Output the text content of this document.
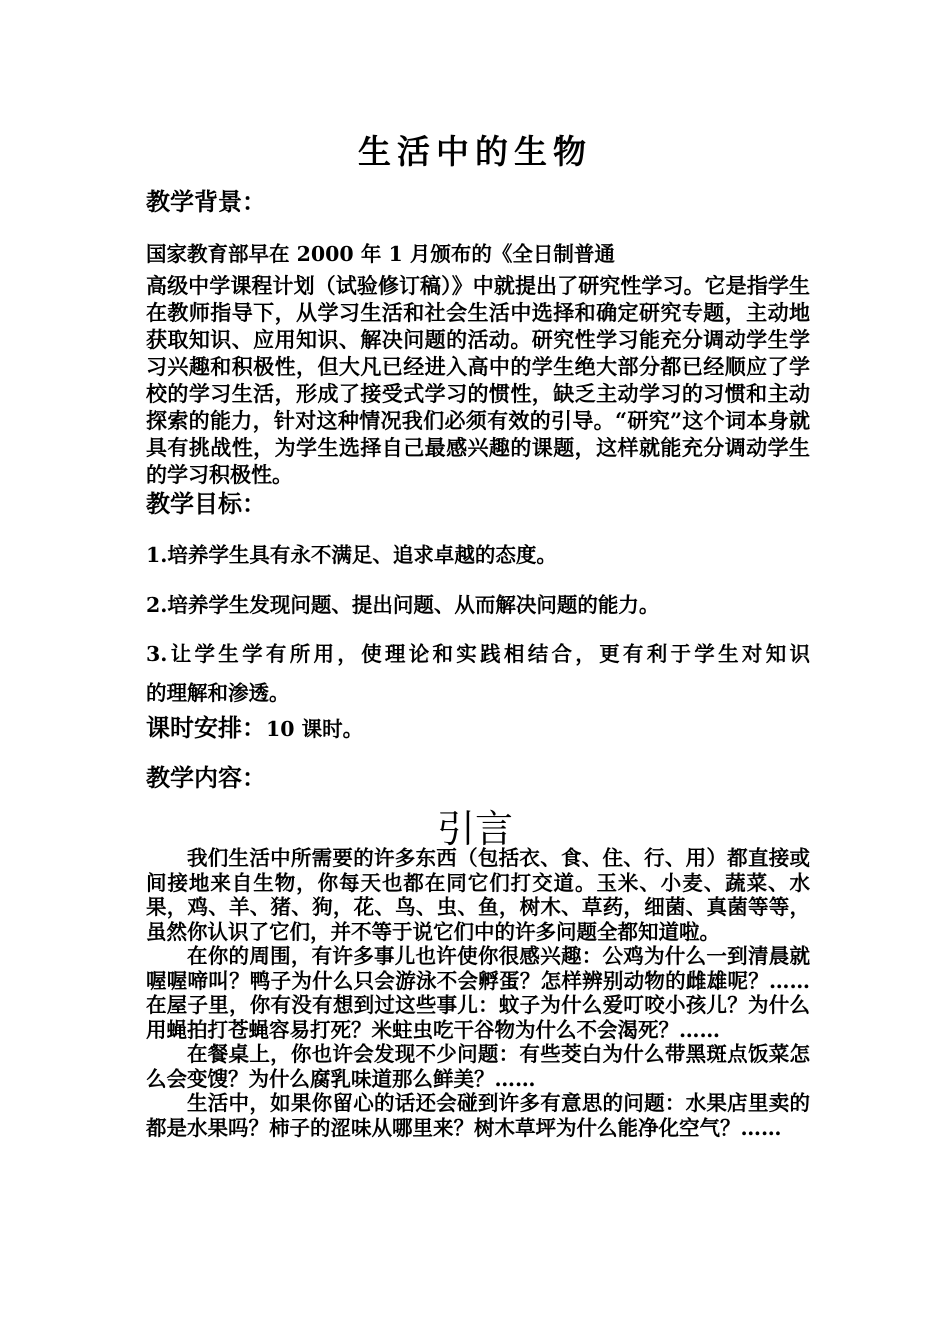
生活中的生物
教学背景：
国家教育部早在 2000 年 1 月颁布的《全日制普通

高级中学课程计划（试验修订稿）》中就提出了研究性学习。它是指学生在教师指导下，从学习生活和社会生活中选择和确定研究专题，主动地获取知识、应用知识、解决问题的活动。研究性学习能充分调动学生学习兴趣和积极性，但大凡已经进入高中的学生绝大部分都已经顺应了学校的学习生活，形成了接受式学习的惯性，缺乏主动学习的习惯和主动探索的能力，针对这种情况我们必须有效的引导。“研究”这个词本身就具有挑战性，为学生选择自己最感兴趣的课题，这样就能充分调动学生的学习积极性。

教学目标：
1.培养学生具有永不满足、追求卓越的态度。
2.培养学生发现问题、提出问题、从而解决问题的能力。
3.让学生学有所用，使理论和实践相结合，更有利于学生对知识
的理解和渗透。
课时安排：10 课时。
教学内容：
引言

我们生活中所需要的许多东西（包括衣、食、住、行、用）都直接或间接地来自生物，你每天也都在同它们打交道。玉米、小麦、蔬菜、水果，鸡、羊、猪、狗，花、鸟、虫、鱼，树木、草药，细菌、真菌等等，虽然你认识了它们，并不等于说它们中的许多问题全都知道啦。

在你的周围，有许多事儿也许使你很感兴趣：公鸡为什么一到清晨就喔喔啼叫？鸭子为什么只会游泳不会孵蛋？怎样辨别动物的雌雄呢？……在屋子里，你有没有想到过这些事儿：蚊子为什么爱叮咬小孩儿？为什么用蝇拍打苍蝇容易打死？米蛀虫吃干谷物为什么不会渴死？……

在餐桌上，你也许会发现不少问题：有些茭白为什么带黑斑点饭菜怎么会变馊？为什么腐乳味道那么鲜美？……

生活中，如果你留心的话还会碰到许多有意思的问题：水果店里卖的都是水果吗？柿子的涩味从哪里来？树木草坪为什么能净化空气？……
